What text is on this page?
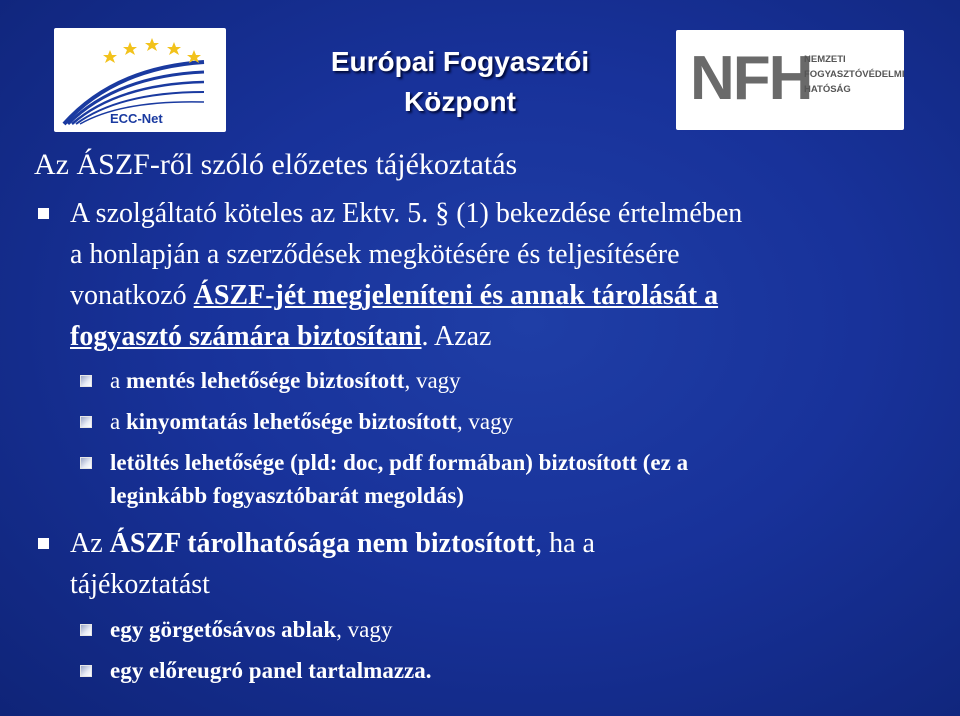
ECC-Net
NFH
NEMZETI
FOGYASZTÓVÉDELMI
HATÓSÁG
Európai Fogyasztói
Központ
Az ÁSZF-ről szóló előzetes tájékoztatás
A szolgáltató köteles az Ektv. 5. § (1) bekezdése értelmében
a honlapján a szerződések megkötésére és teljesítésére
vonatkozó ÁSZF-jét megjeleníteni és annak tárolását a
fogyasztó számára biztosítani. Azaz
a mentés lehetősége biztosított, vagy
a kinyomtatás lehetősége biztosított, vagy
letöltés lehetősége (pld: doc, pdf formában) biztosított (ez a
leginkább fogyasztóbarát megoldás)
Az ÁSZF tárolhatósága nem biztosított, ha a
tájékoztatást
egy görgetősávos ablak, vagy
egy előreugró panel tartalmazza.
